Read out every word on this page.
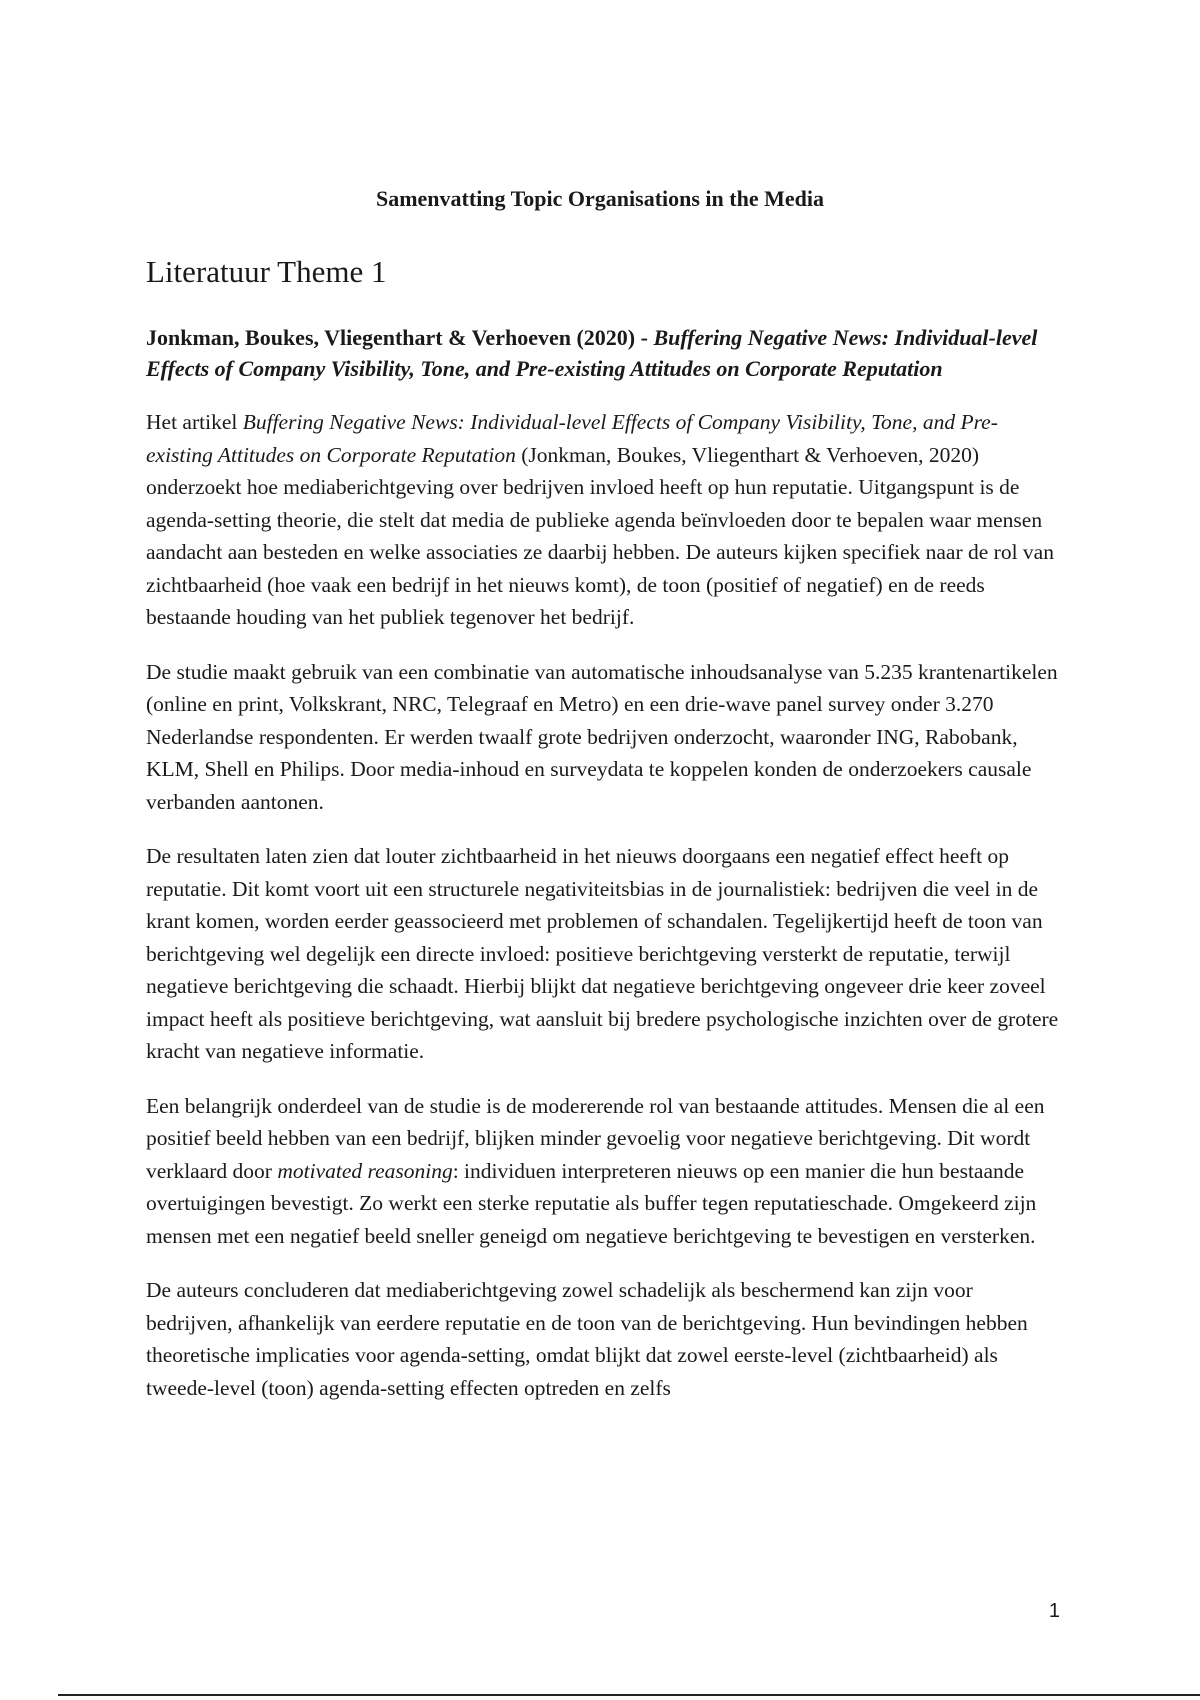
Samenvatting Topic Organisations in the Media
Literatuur Theme 1
Jonkman, Boukes, Vliegenthart & Verhoeven (2020) - Buffering Negative News: Individual-level Effects of Company Visibility, Tone, and Pre-existing Attitudes on Corporate Reputation

Het artikel Buffering Negative News: Individual-level Effects of Company Visibility, Tone, and Pre-existing Attitudes on Corporate Reputation (Jonkman, Boukes, Vliegenthart & Verhoeven, 2020) onderzoekt hoe mediaberichtgeving over bedrijven invloed heeft op hun reputatie. Uitgangspunt is de agenda-setting theorie, die stelt dat media de publieke agenda beïnvloeden door te bepalen waar mensen aandacht aan besteden en welke associaties ze daarbij hebben. De auteurs kijken specifiek naar de rol van zichtbaarheid (hoe vaak een bedrijf in het nieuws komt), de toon (positief of negatief) en de reeds bestaande houding van het publiek tegenover het bedrijf.

De studie maakt gebruik van een combinatie van automatische inhoudsanalyse van 5.235 krantenartikelen (online en print, Volkskrant, NRC, Telegraaf en Metro) en een drie-wave panel survey onder 3.270 Nederlandse respondenten. Er werden twaalf grote bedrijven onderzocht, waaronder ING, Rabobank, KLM, Shell en Philips. Door media-inhoud en surveydata te koppelen konden de onderzoekers causale verbanden aantonen.

De resultaten laten zien dat louter zichtbaarheid in het nieuws doorgaans een negatief effect heeft op reputatie. Dit komt voort uit een structurele negativiteitsbias in de journalistiek: bedrijven die veel in de krant komen, worden eerder geassocieerd met problemen of schandalen. Tegelijkertijd heeft de toon van berichtgeving wel degelijk een directe invloed: positieve berichtgeving versterkt de reputatie, terwijl negatieve berichtgeving die schaadt. Hierbij blijkt dat negatieve berichtgeving ongeveer drie keer zoveel impact heeft als positieve berichtgeving, wat aansluit bij bredere psychologische inzichten over de grotere kracht van negatieve informatie.

Een belangrijk onderdeel van de studie is de modererende rol van bestaande attitudes. Mensen die al een positief beeld hebben van een bedrijf, blijken minder gevoelig voor negatieve berichtgeving. Dit wordt verklaard door motivated reasoning: individuen interpreteren nieuws op een manier die hun bestaande overtuigingen bevestigt. Zo werkt een sterke reputatie als buffer tegen reputatieschade. Omgekeerd zijn mensen met een negatief beeld sneller geneigd om negatieve berichtgeving te bevestigen en versterken.

De auteurs concluderen dat mediaberichtgeving zowel schadelijk als beschermend kan zijn voor bedrijven, afhankelijk van eerdere reputatie en de toon van de berichtgeving. Hun bevindingen hebben theoretische implicaties voor agenda-setting, omdat blijkt dat zowel eerste-level (zichtbaarheid) als tweede-level (toon) agenda-setting effecten optreden en zelfs

1
